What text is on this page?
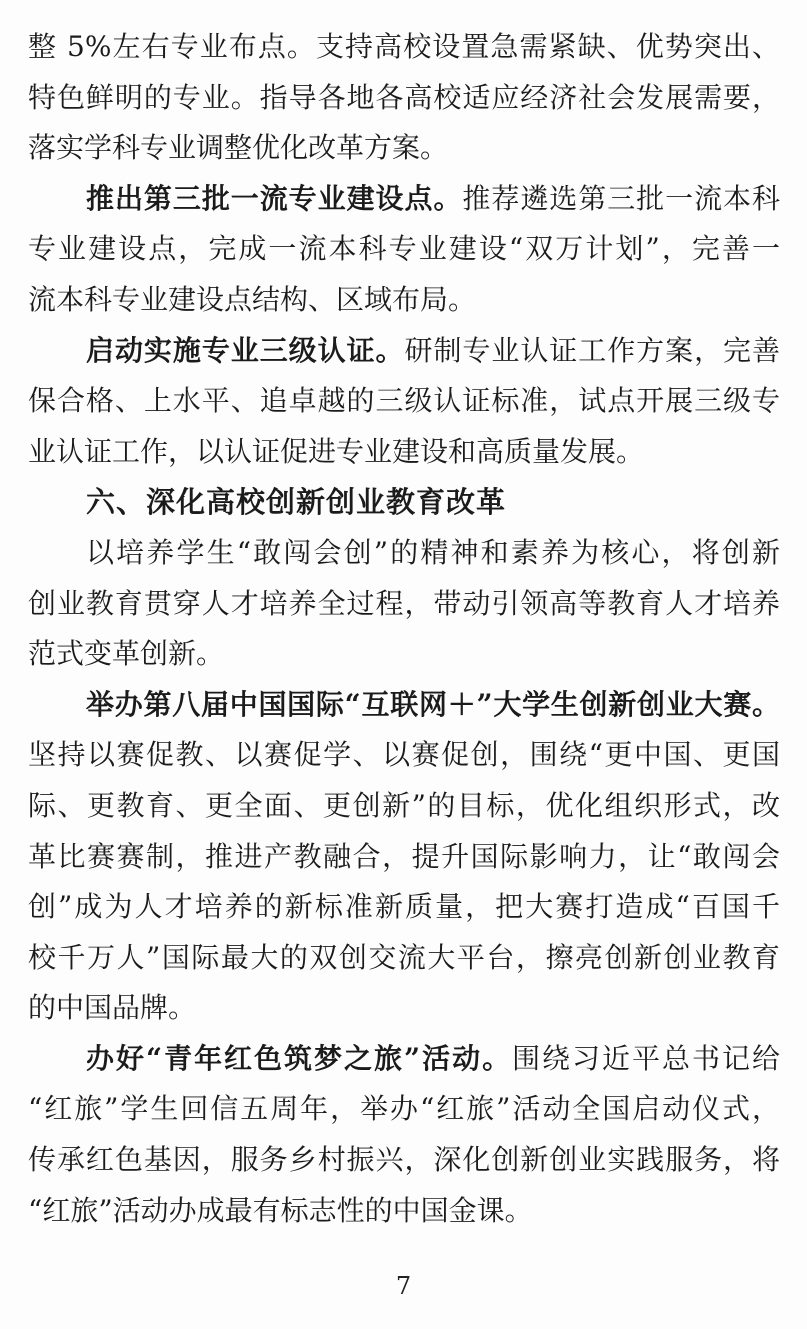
整 5%左右专业布点。支持高校设置急需紧缺、优势突出、
特色鲜明的专业。指导各地各高校适应经济社会发展需要，
落实学科专业调整优化改革方案。
推出第三批一流专业建设点。推荐遴选第三批一流本科
专业建设点，完成一流本科专业建设“双万计划”，完善一
流本科专业建设点结构、区域布局。
启动实施专业三级认证。研制专业认证工作方案，完善
保合格、上水平、追卓越的三级认证标准，试点开展三级专
业认证工作，以认证促进专业建设和高质量发展。
六、深化高校创新创业教育改革
以培养学生“敢闯会创”的精神和素养为核心，将创新
创业教育贯穿人才培养全过程，带动引领高等教育人才培养
范式变革创新。
举办第八届中国国际“互联网＋”大学生创新创业大赛。
坚持以赛促教、以赛促学、以赛促创，围绕“更中国、更国
际、更教育、更全面、更创新”的目标，优化组织形式，改
革比赛赛制，推进产教融合，提升国际影响力，让“敢闯会
创”成为人才培养的新标准新质量，把大赛打造成“百国千
校千万人”国际最大的双创交流大平台，擦亮创新创业教育
的中国品牌。
办好“青年红色筑梦之旅”活动。围绕习近平总书记给
“红旅”学生回信五周年，举办“红旅”活动全国启动仪式，
传承红色基因，服务乡村振兴，深化创新创业实践服务，将
“红旅”活动办成最有标志性的中国金课。
7
